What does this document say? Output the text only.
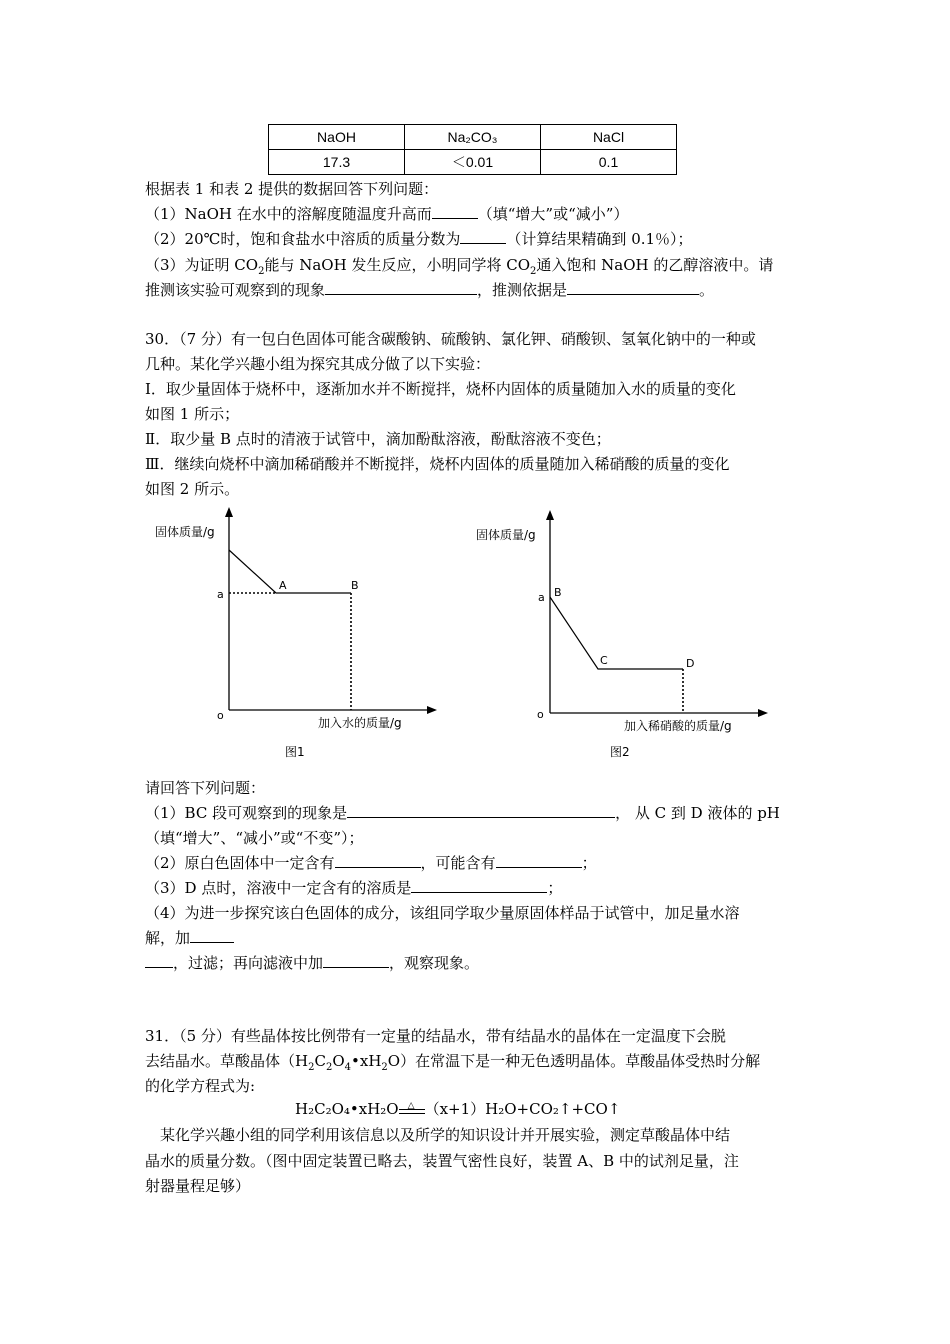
NaOH	Na₂CO₃	NaCl
17.3	＜0.01	0.1
根据表 1 和表 2 提供的数据回答下列问题：
（1）NaOH 在水中的溶解度随温度升高而	（填“增大”或“减小”）
（2）20℃时，饱和食盐水中溶质的质量分数为	（计算结果精确到 0.1％）；
（3）为证明 $CO_2$能与 NaOH 发生反应，小明同学将 $CO_2$通入饱和 NaOH 的乙醇溶液中。请
推测该实验可观察到的现象	，推测依据是	。
30．（7 分）有一包白色固体可能含碳酸钠、硫酸钠、氯化钾、硝酸钡、氢氧化钠中的一种或
几种。某化学兴趣小组为探究其成分做了以下实验：
Ⅰ．取少量固体于烧杯中，逐渐加水并不断搅拌，烧杯内固体的质量随加入水的质量的变化
如图 1 所示；
Ⅱ．取少量 B 点时的清液于试管中，滴加酚酞溶液，酚酞溶液不变色；
Ⅲ．继续向烧杯中滴加稀硝酸并不断搅拌，烧杯内固体的质量随加入稀硝酸的质量的变化
如图 2 所示。
固体质量/g
加入水的质量/g
o
a
A	B
图1
固体质量/g
加入稀硝酸的质量/g
o
a B
C	D
图2
请回答下列问题：
（1）BC 段可观察到的现象是	， 从 C 到 D 液体的 pH
（填“增大”、“减小”或“不变”）；
（2）原白色固体中一定含有	，可能含有	；
（3）D 点时，溶液中一定含有的溶质是	；
（4）为进一步探究该白色固体的成分，该组同学取少量原固体样品于试管中，加足量水溶
解，加
，过滤；再向滤液中加	，观察现象。
31．（5 分）有些晶体按比例带有一定量的结晶水，带有结晶水的晶体在一定温度下会脱
去结晶水。草酸晶体$(H_2C_2O_4•xH_2O)$在常温下是一种无色透明晶体。草酸晶体受热时分解
的化学方程式为:
H₂C₂O₄•xH₂O △ （x+1）H₂O+CO₂↑+CO↑
　某化学兴趣小组的同学利用该信息以及所学的知识设计并开展实验，测定草酸晶体中结
晶水的质量分数。（图中固定装置已略去，装置气密性良好，装置 A、B 中的试剂足量，注
射器量程足够）
